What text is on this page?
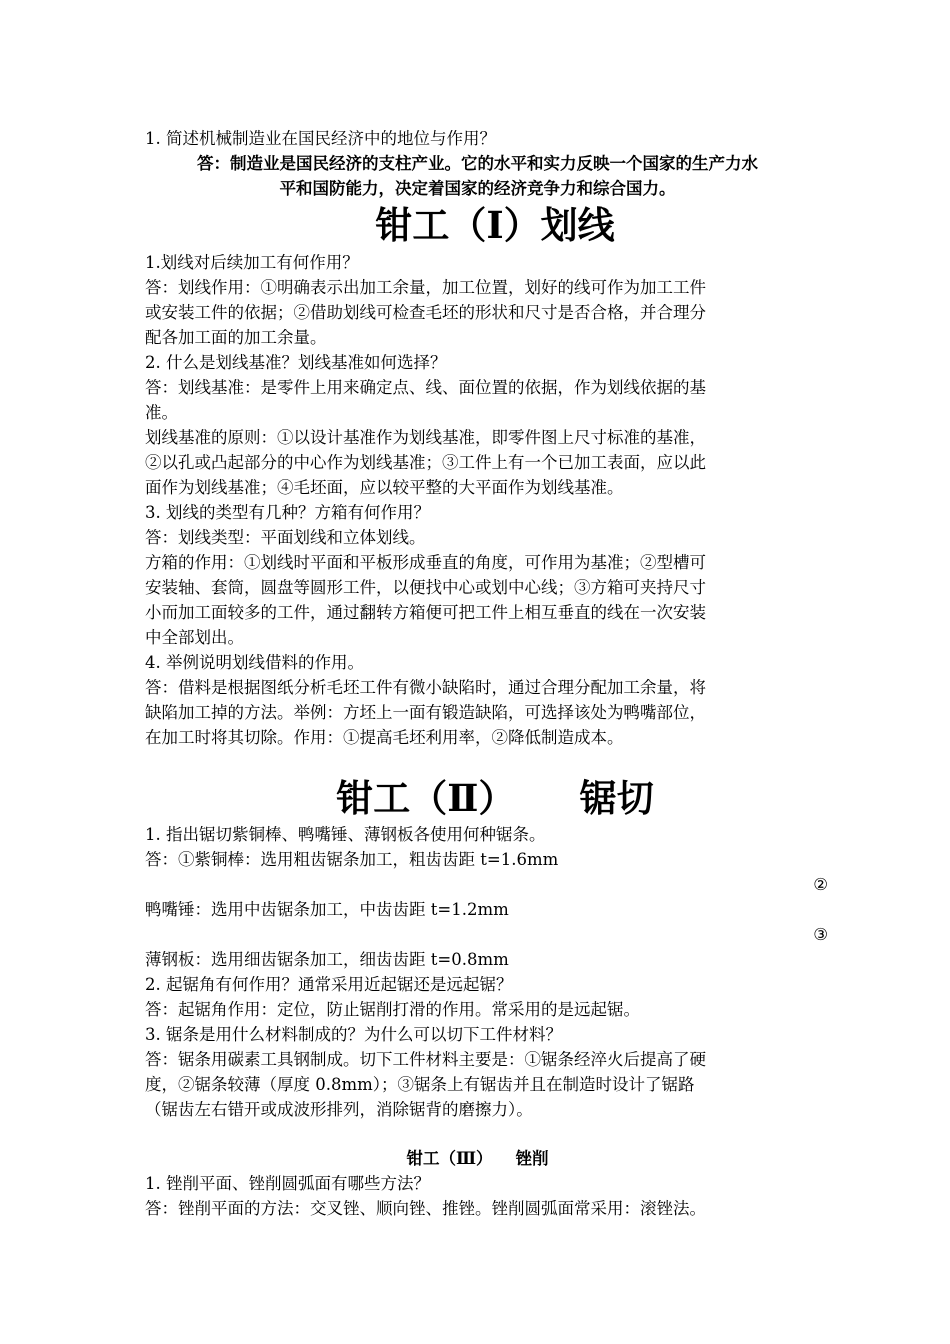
1. 简述机械制造业在国民经济中的地位与作用？
答：制造业是国民经济的支柱产业。它的水平和实力反映一个国家的生产力水
平和国防能力，决定着国家的经济竞争力和综合国力。
钳工（Ⅰ）划线
1.划线对后续加工有何作用？
答：划线作用：①明确表示出加工余量，加工位置，划好的线可作为加工工件
或安装工件的依据；②借助划线可检查毛坯的形状和尺寸是否合格，并合理分
配各加工面的加工余量。
2. 什么是划线基准？划线基准如何选择？
答：划线基准：是零件上用来确定点、线、面位置的依据，作为划线依据的基
准。
划线基准的原则：①以设计基准作为划线基准，即零件图上尺寸标准的基准，
②以孔或凸起部分的中心作为划线基准；③工件上有一个已加工表面，应以此
面作为划线基准；④毛坯面，应以较平整的大平面作为划线基准。
3. 划线的类型有几种？方箱有何作用？
答：划线类型：平面划线和立体划线。
方箱的作用：①划线时平面和平板形成垂直的角度，可作用为基准；②型槽可
安装轴、套筒，圆盘等圆形工件，以便找中心或划中心线；③方箱可夹持尺寸
小而加工面较多的工件，通过翻转方箱便可把工件上相互垂直的线在一次安装
中全部划出。
4. 举例说明划线借料的作用。
答：借料是根据图纸分析毛坯工件有微小缺陷时，通过合理分配加工余量，将
缺陷加工掉的方法。举例：方坯上一面有锻造缺陷，可选择该处为鸭嘴部位，
在加工时将其切除。作用：①提高毛坯利用率，②降低制造成本。
钳工（Ⅱ）     锯切
1. 指出锯切紫铜棒、鸭嘴锤、薄钢板各使用何种锯条。
答：①紫铜棒：选用粗齿锯条加工，粗齿齿距 t=1.6mm
②
鸭嘴锤：选用中齿锯条加工，中齿齿距 t=1.2mm
③
薄钢板：选用细齿锯条加工，细齿齿距 t=0.8mm
2. 起锯角有何作用？通常采用近起锯还是远起锯？
答：起锯角作用：定位，防止锯削打滑的作用。常采用的是远起锯。
3. 锯条是用什么材料制成的？为什么可以切下工件材料？
答：锯条用碳素工具钢制成。切下工件材料主要是：①锯条经淬火后提高了硬
度，②锯条较薄（厚度 0.8mm）；③锯条上有锯齿并且在制造时设计了锯路
（锯齿左右错开或成波形排列，消除锯背的磨擦力）。
钳工（Ⅲ）    锉削
1. 锉削平面、锉削圆弧面有哪些方法？
答：锉削平面的方法：交叉锉、顺向锉、推锉。锉削圆弧面常采用：滚锉法。
